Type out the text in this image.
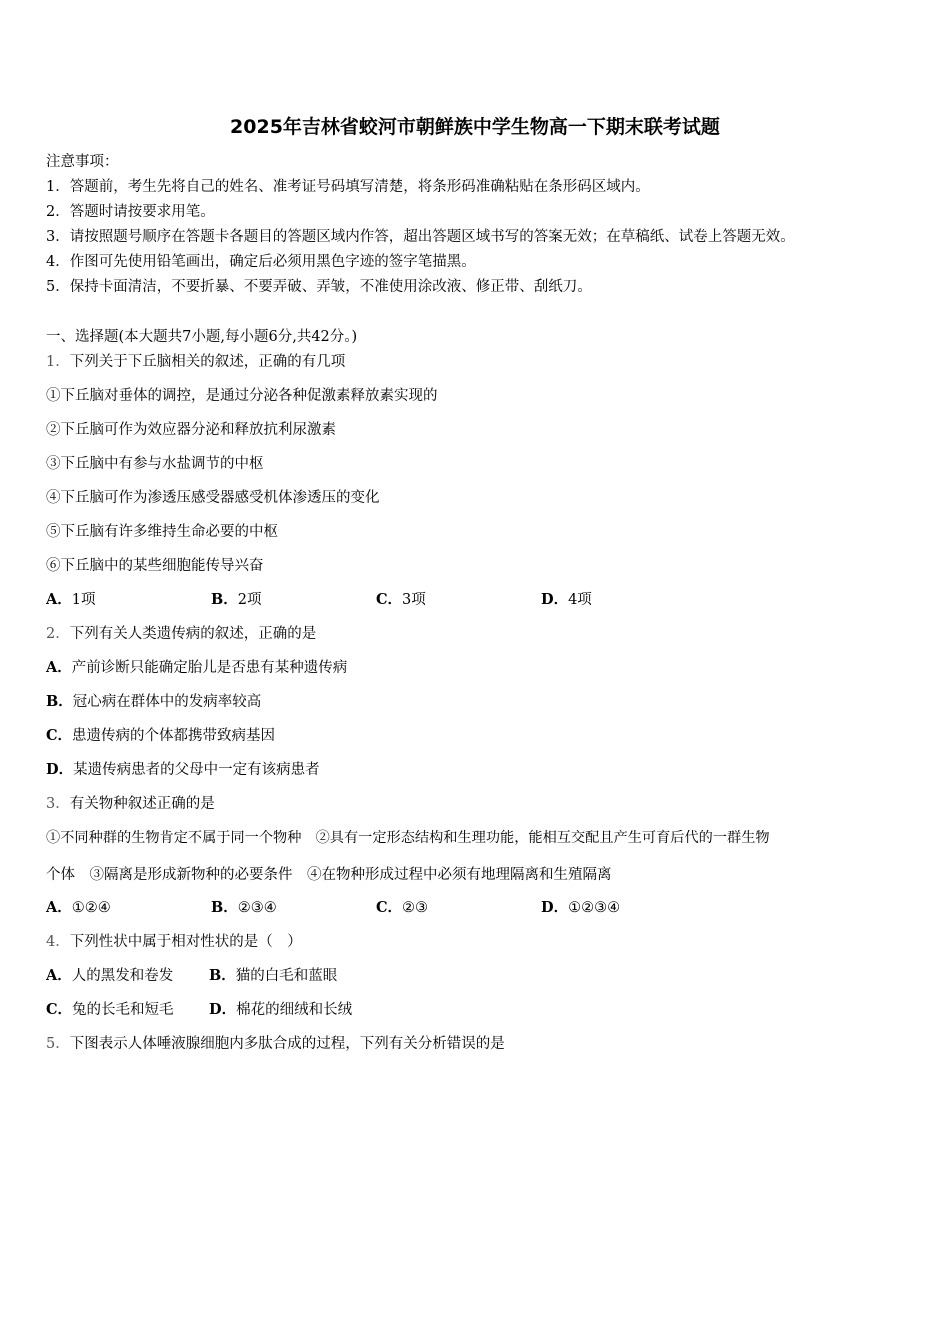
2025年吉林省蛟河市朝鲜族中学生物高一下期末联考试题
注意事项：
1．答题前，考生先将自己的姓名、准考证号码填写清楚，将条形码准确粘贴在条形码区域内。
2．答题时请按要求用笔。
3．请按照题号顺序在答题卡各题目的答题区域内作答，超出答题区域书写的答案无效；在草稿纸、试卷上答题无效。
4．作图可先使用铅笔画出，确定后必须用黑色字迹的签字笔描黑。
5．保持卡面清洁，不要折暴、不要弄破、弄皱，不准使用涂改液、修正带、刮纸刀。
一、选择题(本大题共7小题,每小题6分,共42分。)
1．下列关于下丘脑相关的叙述，正确的有几项
①下丘脑对垂体的调控，是通过分泌各种促激素释放素实现的
②下丘脑可作为效应器分泌和释放抗利尿激素
③下丘脑中有参与水盐调节的中枢
④下丘脑可作为渗透压感受器感受机体渗透压的变化
⑤下丘脑有许多维持生命必要的中枢
⑥下丘脑中的某些细胞能传导兴奋
A．1项	B．2项	C．3项	D．4项
2．下列有关人类遗传病的叙述，正确的是
A．产前诊断只能确定胎儿是否患有某种遗传病
B．冠心病在群体中的发病率较高
C．患遗传病的个体都携带致病基因
D．某遗传病患者的父母中一定有该病患者
3．有关物种叙述正确的是
①不同种群的生物肯定不属于同一个物种　②具有一定形态结构和生理功能，能相互交配且产生可育后代的一群生物
个体　③隔离是形成新物种的必要条件　④在物种形成过程中必须有地理隔离和生殖隔离
A．①②④	B．②③④	C．②③	D．①②③④
4．下列性状中属于相对性状的是（　）
A．人的黑发和卷发 B．猫的白毛和蓝眼
C．兔的长毛和短毛 D．棉花的细绒和长绒
5．下图表示人体唾液腺细胞内多肽合成的过程，下列有关分析错误的是
